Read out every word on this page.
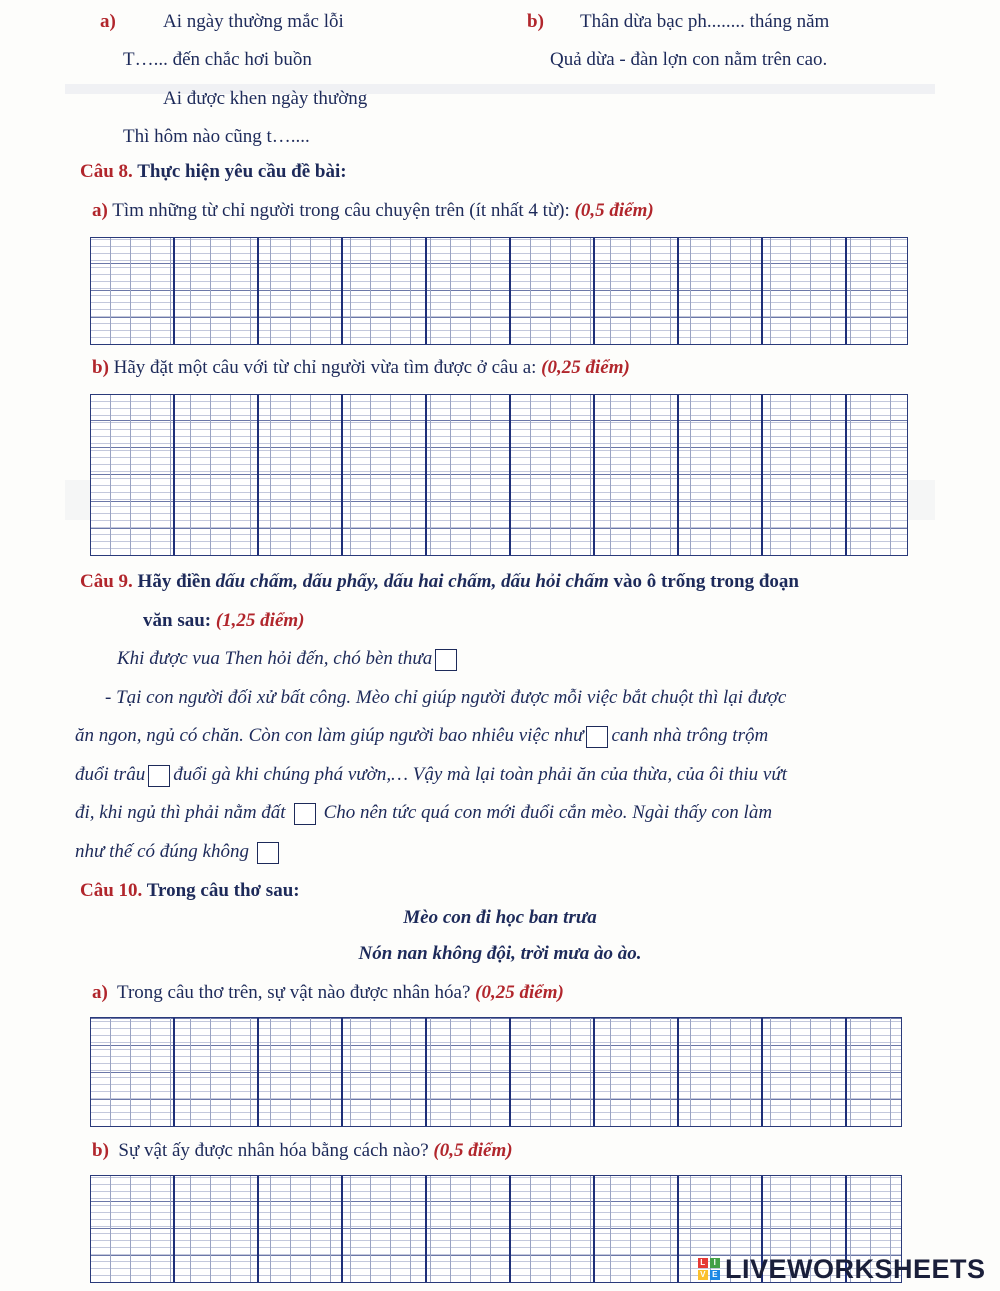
a) Ai ngày thường mắc lỗi
T…... đến chắc hơi buồn
Ai được khen ngày thường
Thì hôm nào cũng t…....
b) Thân dừa bạc ph........ tháng năm
Quả dừa - đàn lợn con nằm trên cao.
Câu 8. Thực hiện yêu cầu đề bài:
a) Tìm những từ chỉ người trong câu chuyện trên (ít nhất 4 từ): (0,5 điểm)
b) Hãy đặt một câu với từ chỉ người vừa tìm được ở câu a: (0,25 điểm)
Câu 9. Hãy điền dấu chấm, dấu phẩy, dấu hai chấm, dấu hỏi chấm vào ô trống trong đoạn
văn sau: (1,25 điểm)
Khi được vua Then hỏi đến, chó bèn thưa
- Tại con người đối xử bất công. Mèo chỉ giúp người được mỗi việc bắt chuột thì lại được
ăn ngon, ngủ có chăn. Còn con làm giúp người bao nhiêu việc như canh nhà trông trộm
đuổi trâu đuổi gà khi chúng phá vườn,… Vậy mà lại toàn phải ăn của thừa, của ôi thiu vứt
đi, khi ngủ thì phải nằm đất Cho nên tức quá con mới đuổi cắn mèo. Ngài thấy con làm
như thế có đúng không
Câu 10. Trong câu thơ sau:
Mèo con đi học ban trưa
Nón nan không đội, trời mưa ào ào.
a) Trong câu thơ trên, sự vật nào được nhân hóa? (0,25 điểm)
b) Sự vật ấy được nhân hóa bằng cách nào? (0,5 điểm)
L I
V E LIVEWORKSHEETS
